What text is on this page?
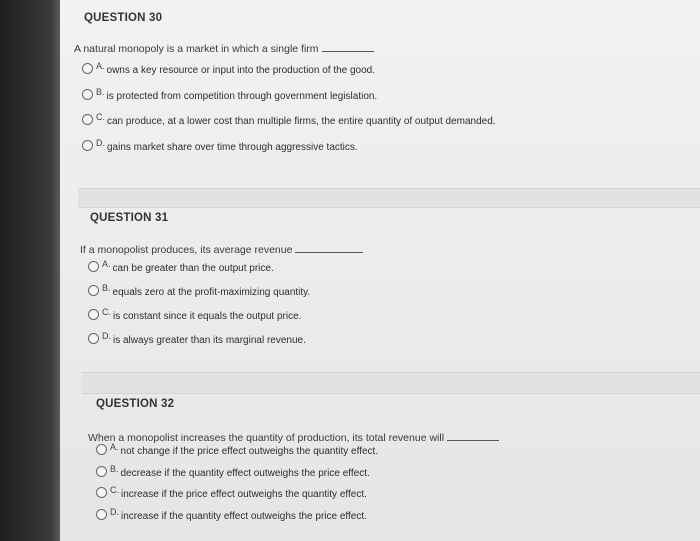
QUESTION 30
A natural monopoly is a market in which a single firm
A. owns a key resource or input into the production of the good.
B. is protected from competition through government legislation.
C. can produce, at a lower cost than multiple firms, the entire quantity of output demanded.
D. gains market share over time through aggressive tactics.
QUESTION 31
If a monopolist produces, its average revenue
A. can be greater than the output price.
B. equals zero at the profit-maximizing quantity.
C. is constant since it equals the output price.
D. is always greater than its marginal revenue.
QUESTION 32
When a monopolist increases the quantity of production, its total revenue will
A. not change if the price effect outweighs the quantity effect.
B. decrease if the quantity effect outweighs the price effect.
C. increase if the price effect outweighs the quantity effect.
D. increase if the quantity effect outweighs the price effect.
